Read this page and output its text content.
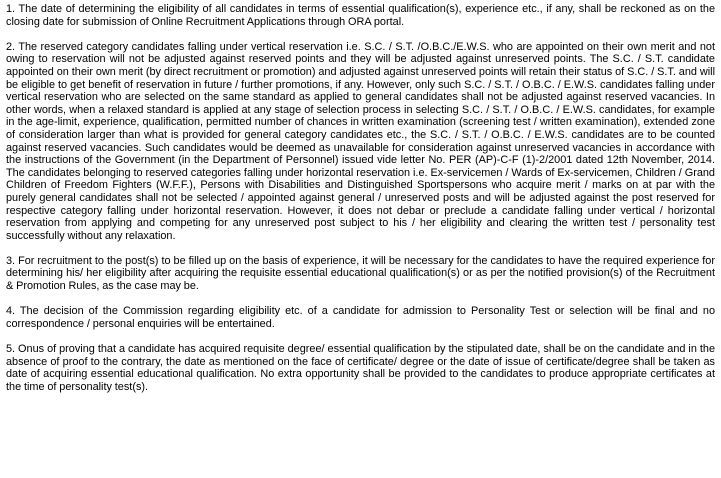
1. The date of determining the eligibility of all candidates in terms of essential qualification(s), experience etc., if any, shall be reckoned as on the closing date for submission of Online Recruitment Applications through ORA portal.

2. The reserved category candidates falling under vertical reservation i.e. S.C. / S.T. /O.B.C./E.W.S. who are appointed on their own merit and not owing to reservation will not be adjusted against reserved points and they will be adjusted against unreserved points. The S.C. / S.T. candidate appointed on their own merit (by direct recruitment or promotion) and adjusted against unreserved points will retain their status of S.C. / S.T. and will be eligible to get benefit of reservation in future / further promotions, if any. However, only such S.C. / S.T. / O.B.C. / E.W.S. candidates falling under vertical reservation who are selected on the same standard as applied to general candidates shall not be adjusted against reserved vacancies. In other words, when a relaxed standard is applied at any stage of selection process in selecting S.C. / S.T. / O.B.C. / E.W.S. candidates, for example in the age-limit, experience, qualification, permitted number of chances in written examination (screening test / written examination), extended zone of consideration larger than what is provided for general category candidates etc., the S.C. / S.T. / O.B.C. / E.W.S. candidates are to be counted against reserved vacancies. Such candidates would be deemed as unavailable for consideration against unreserved vacancies in accordance with the instructions of the Government (in the Department of Personnel) issued vide letter No. PER (AP)-C-F (1)-2/2001 dated 12th November, 2014. The candidates belonging to reserved categories falling under horizontal reservation i.e. Ex-servicemen / Wards of Ex-servicemen, Children / Grand Children of Freedom Fighters (W.F.F.), Persons with Disabilities and Distinguished Sportspersons who acquire merit / marks on at par with the purely general candidates shall not be selected / appointed against general / unreserved posts and will be adjusted against the post reserved for respective category falling under horizontal reservation. However, it does not debar or preclude a candidate falling under vertical / horizontal reservation from applying and competing for any unreserved post subject to his / her eligibility and clearing the written test / personality test successfully without any relaxation.

3. For recruitment to the post(s) to be filled up on the basis of experience, it will be necessary for the candidates to have the required experience for determining his/ her eligibility after acquiring the requisite essential educational qualification(s) or as per the notified provision(s) of the Recruitment & Promotion Rules, as the case may be.

4. The decision of the Commission regarding eligibility etc. of a candidate for admission to Personality Test or selection will be final and no correspondence / personal enquiries will be entertained.

5. Onus of proving that a candidate has acquired requisite degree/ essential qualification by the stipulated date, shall be on the candidate and in the absence of proof to the contrary, the date as mentioned on the face of certificate/ degree or the date of issue of certificate/degree shall be taken as date of acquiring essential educational qualification. No extra opportunity shall be provided to the candidates to produce appropriate certificates at the time of personality test(s).
